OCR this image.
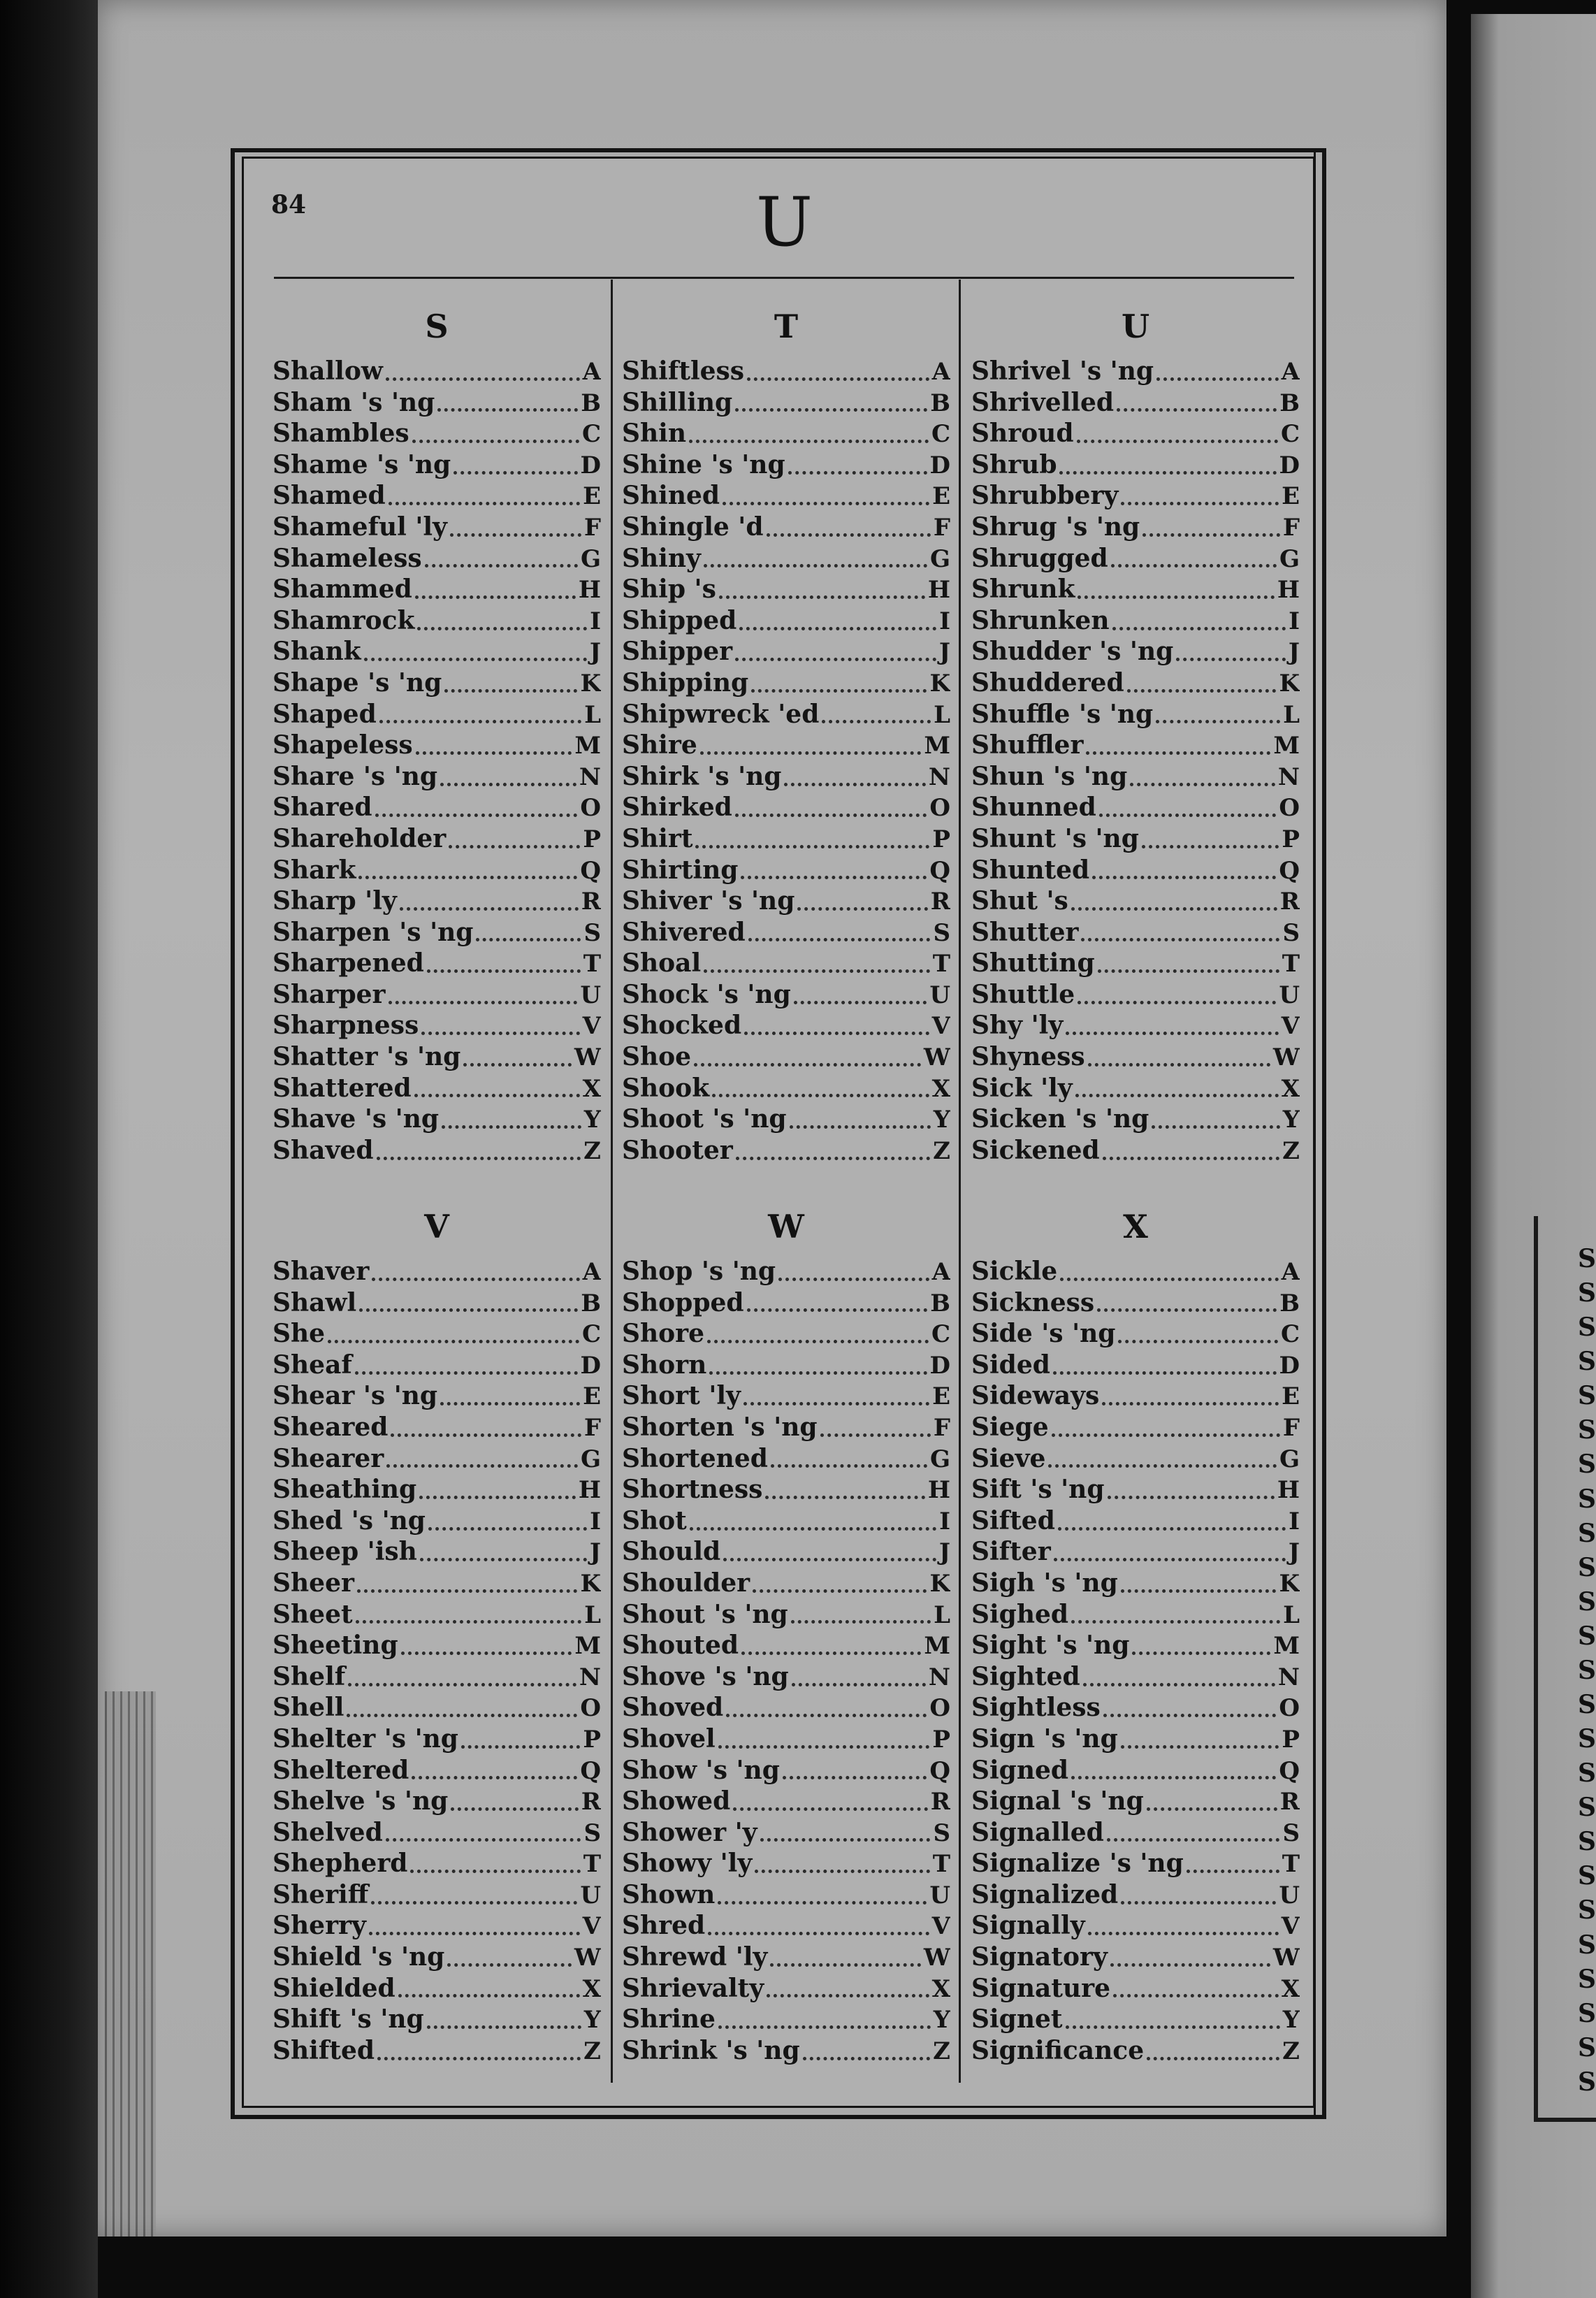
S
S
S
S
S
S
S
S
S
S
S
S
S
S
S
S
S
S
S
S
S
S
S
S
S
84	U
S
Shallow	A
Sham 's 'ng	B
Shambles	C
Shame 's 'ng	D
Shamed	E
Shameful 'ly	F
Shameless	G
Shammed	H
Shamrock	I
Shank	J
Shape 's 'ng	K
Shaped	L
Shapeless	M
Share 's 'ng	N
Shared	O
Shareholder	P
Shark	Q
Sharp 'ly	R
Sharpen 's 'ng	S
Sharpened	T
Sharper	U
Sharpness	V
Shatter 's 'ng	W
Shattered	X
Shave 's 'ng	Y
Shaved	Z
T
Shiftless	A
Shilling	B
Shin	C
Shine 's 'ng	D
Shined	E
Shingle 'd	F
Shiny	G
Ship 's	H
Shipped	I
Shipper	J
Shipping	K
Shipwreck 'ed	L
Shire	M
Shirk 's 'ng	N
Shirked	O
Shirt	P
Shirting	Q
Shiver 's 'ng	R
Shivered	S
Shoal	T
Shock 's 'ng	U
Shocked	V
Shoe	W
Shook	X
Shoot 's 'ng	Y
Shooter	Z
U
Shrivel 's 'ng	A
Shrivelled	B
Shroud	C
Shrub	D
Shrubbery	E
Shrug 's 'ng	F
Shrugged	G
Shrunk	H
Shrunken	I
Shudder 's 'ng	J
Shuddered	K
Shuffle 's 'ng	L
Shuffler	M
Shun 's 'ng	N
Shunned	O
Shunt 's 'ng	P
Shunted	Q
Shut 's	R
Shutter	S
Shutting	T
Shuttle	U
Shy 'ly	V
Shyness	W
Sick 'ly	X
Sicken 's 'ng	Y
Sickened	Z
V
Shaver	A
Shawl	B
She	C
Sheaf	D
Shear 's 'ng	E
Sheared	F
Shearer	G
Sheathing	H
Shed 's 'ng	I
Sheep 'ish	J
Sheer	K
Sheet	L
Sheeting	M
Shelf	N
Shell	O
Shelter 's 'ng	P
Sheltered	Q
Shelve 's 'ng	R
Shelved	S
Shepherd	T
Sheriff	U
Sherry	V
Shield 's 'ng	W
Shielded	X
Shift 's 'ng	Y
Shifted	Z
W
Shop 's 'ng	A
Shopped	B
Shore	C
Shorn	D
Short 'ly	E
Shorten 's 'ng	F
Shortened	G
Shortness	H
Shot	I
Should	J
Shoulder	K
Shout 's 'ng	L
Shouted	M
Shove 's 'ng	N
Shoved	O
Shovel	P
Show 's 'ng	Q
Showed	R
Shower 'y	S
Showy 'ly	T
Shown	U
Shred	V
Shrewd 'ly	W
Shrievalty	X
Shrine	Y
Shrink 's 'ng	Z
X
Sickle	A
Sickness	B
Side 's 'ng	C
Sided	D
Sideways	E
Siege	F
Sieve	G
Sift 's 'ng	H
Sifted	I
Sifter	J
Sigh 's 'ng	K
Sighed	L
Sight 's 'ng	M
Sighted	N
Sightless	O
Sign 's 'ng	P
Signed	Q
Signal 's 'ng	R
Signalled	S
Signalize 's 'ng	T
Signalized	U
Signally	V
Signatory	W
Signature	X
Signet	Y
Significance	Z
